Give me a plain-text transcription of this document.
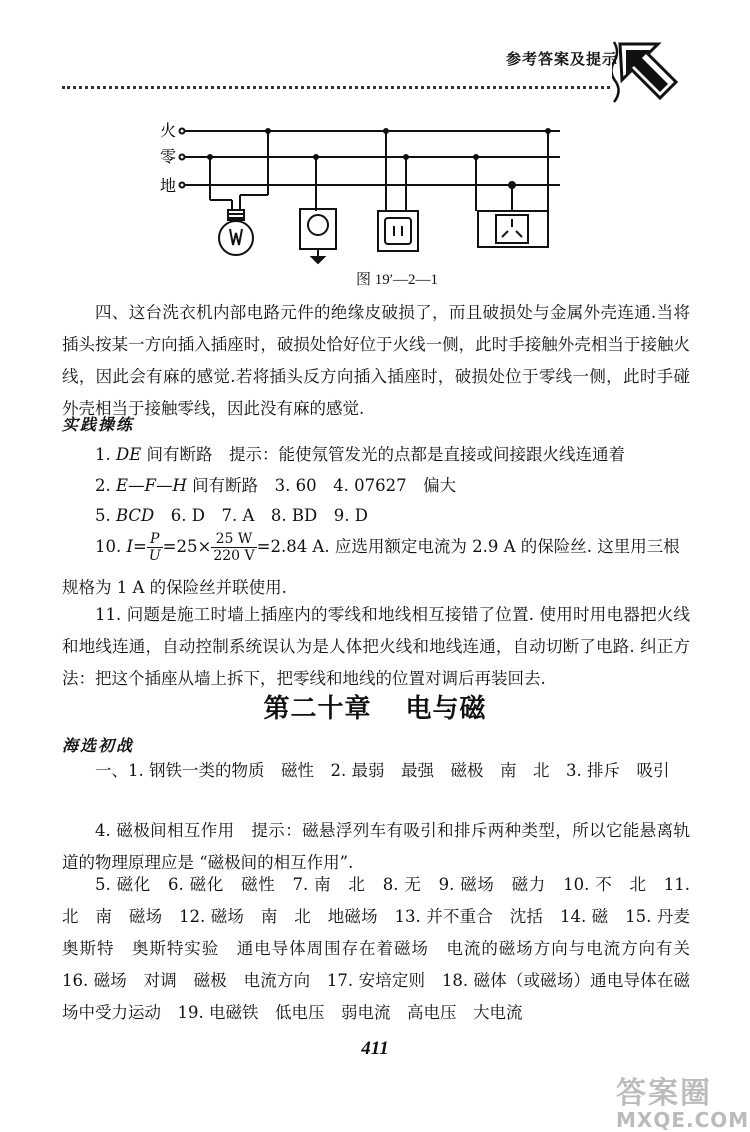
参考答案及提示
火
零
地
图 19′—2—1
四、这台洗衣机内部电路元件的绝缘皮破损了，而且破损处与金属外壳连通.当将插头按某一方向插入插座时，破损处恰好位于火线一侧，此时手接触外壳相当于接触火线，因此会有麻的感觉.若将插头反方向插入插座时，破损处位于零线一侧，此时手碰外壳相当于接触零线，因此没有麻的感觉.
实践操练
1. DE 间有断路　提示：能使氖管发光的点都是直接或间接跟火线连通着
2. E—F—H 间有断路　3. 60　4. 07627　偏大
5. BCD　6. D　7. A　8. BD　9. D
10. $I= \frac{P}{U} =25\times \frac{25 W}{220 V} =2.84$ A. 应选用额定电流为 2.9 A 的保险丝. 这里用三根
规格为 1 A 的保险丝并联使用.
11. 问题是施工时墙上插座内的零线和地线相互接错了位置. 使用时用电器把火线和地线连通，自动控制系统误认为是人体把火线和地线连通，自动切断了电路. 纠正方法：把这个插座从墙上拆下，把零线和地线的位置对调后再装回去.
第二十章 电与磁
海选初战
一、1. 钢铁一类的物质　磁性　2. 最弱　最强　磁极　南　北　3. 排斥　吸引
4. 磁极间相互作用　提示：磁悬浮列车有吸引和排斥两种类型，所以它能悬离轨道的物理原理应是 “磁极间的相互作用”.
5. 磁化　6. 磁化　磁性　7. 南　北　8. 无　9. 磁场　磁力　10. 不　北　11. 北　南　磁场　12. 磁场　南　北　地磁场　13. 并不重合　沈括　14. 磁　15. 丹麦　奥斯特　奥斯特实验　通电导体周围存在着磁场　电流的磁场方向与电流方向有关　16. 磁场　对调　磁极　电流方向　17. 安培定则　18. 磁体（或磁场）通电导体在磁场中受力运动　19. 电磁铁　低电压　弱电流　高电压　大电流
411
答案圈
MXQE.COM
